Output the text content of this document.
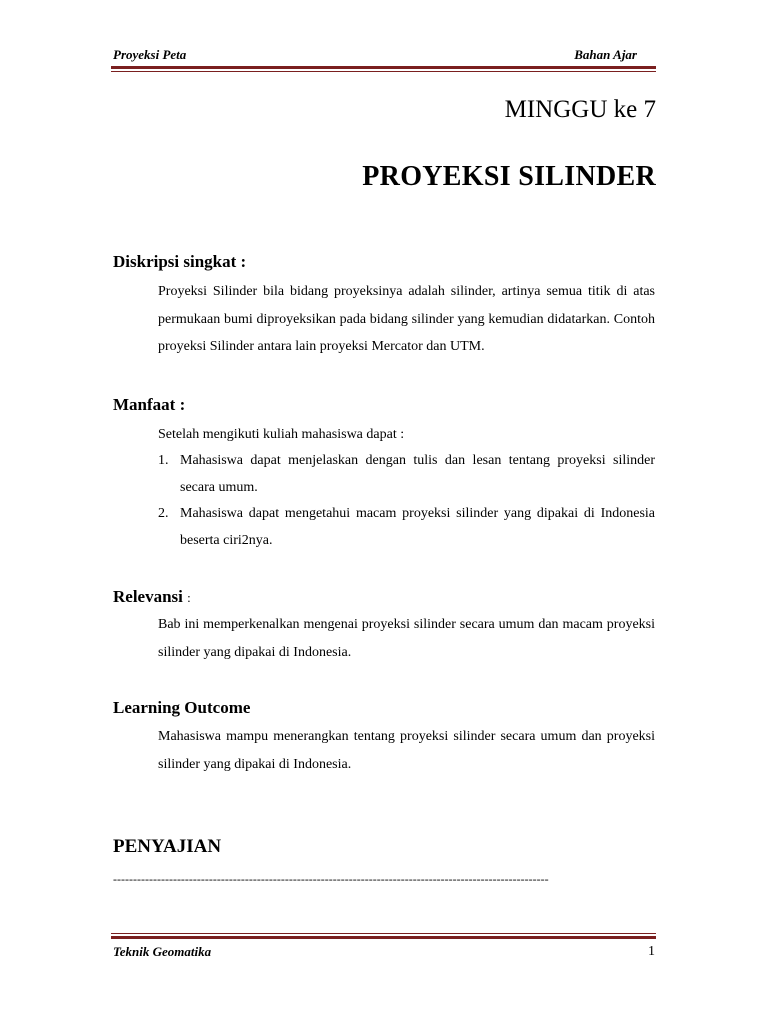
Proyeksi Peta	Bahan Ajar
MINGGU ke 7
PROYEKSI SILINDER
Diskripsi singkat :

Proyeksi Silinder bila bidang proyeksinya adalah silinder, artinya semua titik di atas permukaan bumi diproyeksikan pada bidang silinder yang kemudian didatarkan. Contoh proyeksi Silinder antara lain proyeksi Mercator dan UTM.

Manfaat :
Setelah mengikuti kuliah mahasiswa dapat :
1. Mahasiswa dapat menjelaskan dengan tulis dan lesan tentang proyeksi silinder secara umum.
2. Mahasiswa dapat mengetahui macam proyeksi silinder yang dipakai di Indonesia beserta ciri2nya.
Relevansi :

Bab ini memperkenalkan mengenai proyeksi silinder secara umum dan macam proyeksi silinder yang dipakai di Indonesia.

Learning Outcome

Mahasiswa mampu menerangkan tentang proyeksi silinder secara umum dan proyeksi silinder yang dipakai di Indonesia.

PENYAJIAN
-------------------------------------------------------------------------------------------------------------
Teknik Geomatika	1
